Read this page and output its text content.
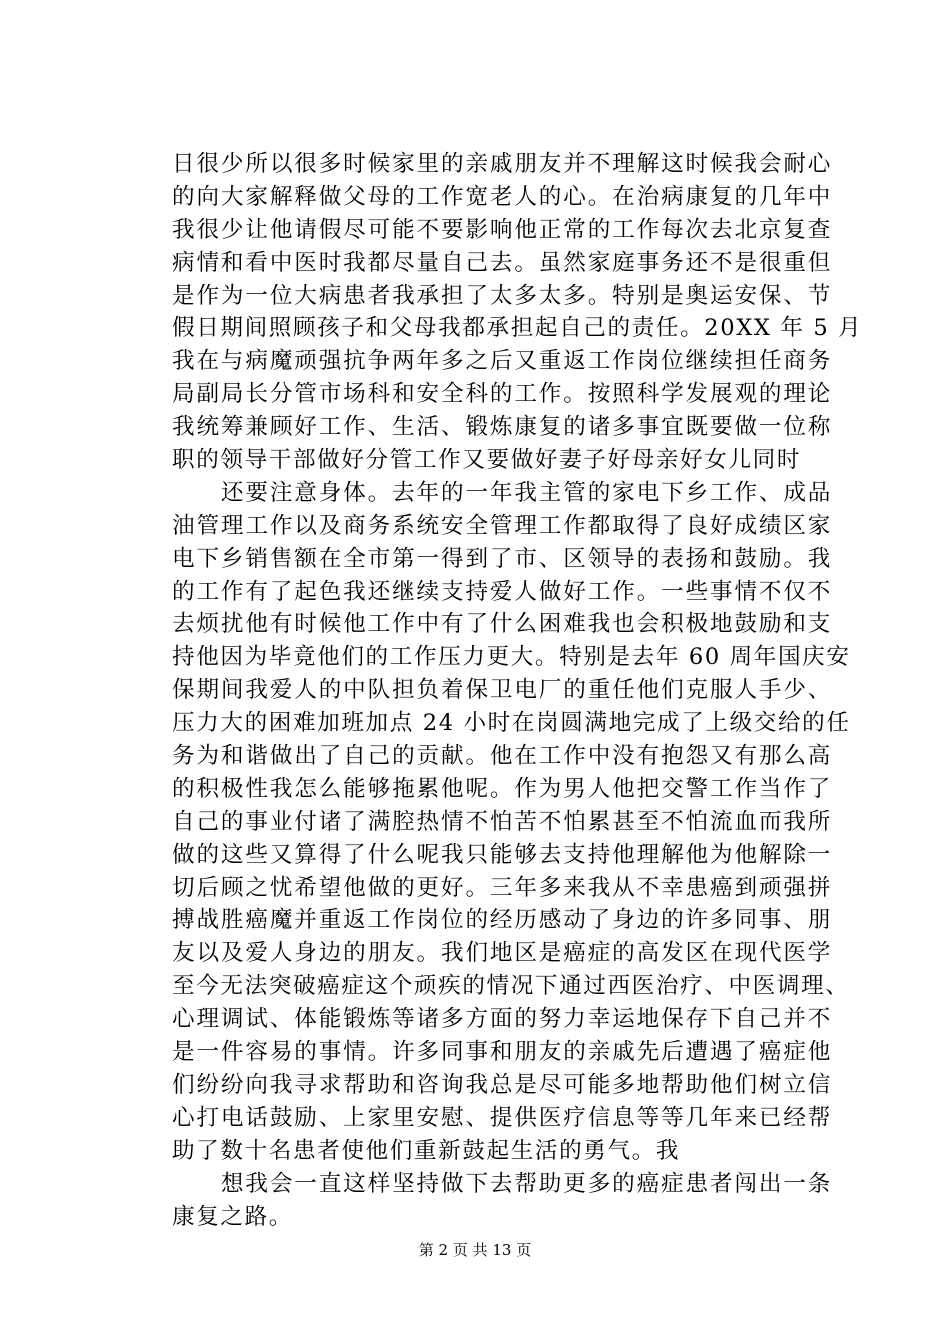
日很少所以很多时候家里的亲戚朋友并不理解这时候我会耐心
的向大家解释做父母的工作宽老人的心。在治病康复的几年中
我很少让他请假尽可能不要影响他正常的工作每次去北京复查
病情和看中医时我都尽量自己去。虽然家庭事务还不是很重但
是作为一位大病患者我承担了太多太多。特别是奥运安保、节
假日期间照顾孩子和父母我都承担起自己的责任。20XX 年 5 月
我在与病魔顽强抗争两年多之后又重返工作岗位继续担任商务
局副局长分管市场科和安全科的工作。按照科学发展观的理论
我统筹兼顾好工作、生活、锻炼康复的诸多事宜既要做一位称
职的领导干部做好分管工作又要做好妻子好母亲好女儿同时
　　还要注意身体。去年的一年我主管的家电下乡工作、成品
油管理工作以及商务系统安全管理工作都取得了良好成绩区家
电下乡销售额在全市第一得到了市、区领导的表扬和鼓励。我
的工作有了起色我还继续支持爱人做好工作。一些事情不仅不
去烦扰他有时候他工作中有了什么困难我也会积极地鼓励和支
持他因为毕竟他们的工作压力更大。特别是去年 60 周年国庆安
保期间我爱人的中队担负着保卫电厂的重任他们克服人手少、
压力大的困难加班加点 24 小时在岗圆满地完成了上级交给的任
务为和谐做出了自己的贡献。他在工作中没有抱怨又有那么高
的积极性我怎么能够拖累他呢。作为男人他把交警工作当作了
自己的事业付诸了满腔热情不怕苦不怕累甚至不怕流血而我所
做的这些又算得了什么呢我只能够去支持他理解他为他解除一
切后顾之忧希望他做的更好。三年多来我从不幸患癌到顽强拼
搏战胜癌魔并重返工作岗位的经历感动了身边的许多同事、朋
友以及爱人身边的朋友。我们地区是癌症的高发区在现代医学
至今无法突破癌症这个顽疾的情况下通过西医治疗、中医调理、
心理调试、体能锻炼等诸多方面的努力幸运地保存下自己并不
是一件容易的事情。许多同事和朋友的亲戚先后遭遇了癌症他
们纷纷向我寻求帮助和咨询我总是尽可能多地帮助他们树立信
心打电话鼓励、上家里安慰、提供医疗信息等等几年来已经帮
助了数十名患者使他们重新鼓起生活的勇气。我
　　想我会一直这样坚持做下去帮助更多的癌症患者闯出一条
康复之路。
第 2 页 共 13 页
